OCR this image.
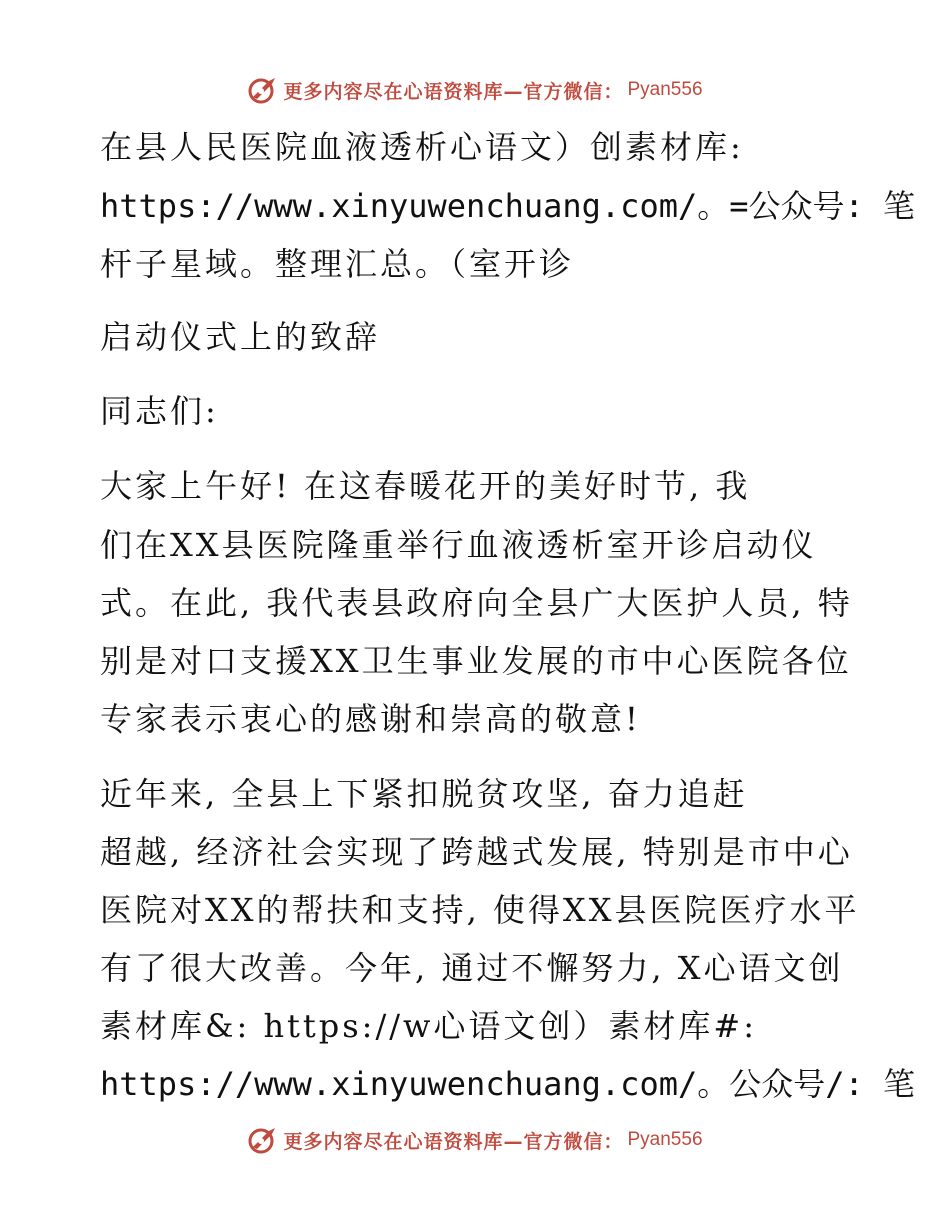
更多内容尽在心语资料库—官方微信： Pyan556
在县人民医院血液透析心语文）创素材库:
https://www.xinyuwenchuang.com/。=公众号: 笔
杆子星域。整理汇总。（室开诊
启动仪式上的致辞
同志们:
大家上午好! 在这春暖花开的美好时节, 我
们在XX县医院隆重举行血液透析室开诊启动仪
式。在此, 我代表县政府向全县广大医护人员, 特
别是对口支援XX卫生事业发展的市中心医院各位
专家表示衷心的感谢和崇高的敬意!
近年来, 全县上下紧扣脱贫攻坚, 奋力追赶
超越, 经济社会实现了跨越式发展, 特别是市中心
医院对XX的帮扶和支持, 使得XX县医院医疗水平
有了很大改善。今年, 通过不懈努力, X心语文创
素材库&: https://w心语文创）素材库#:
https://www.xinyuwenchuang.com/。公众号/: 笔
更多内容尽在心语资料库—官方微信： Pyan556
